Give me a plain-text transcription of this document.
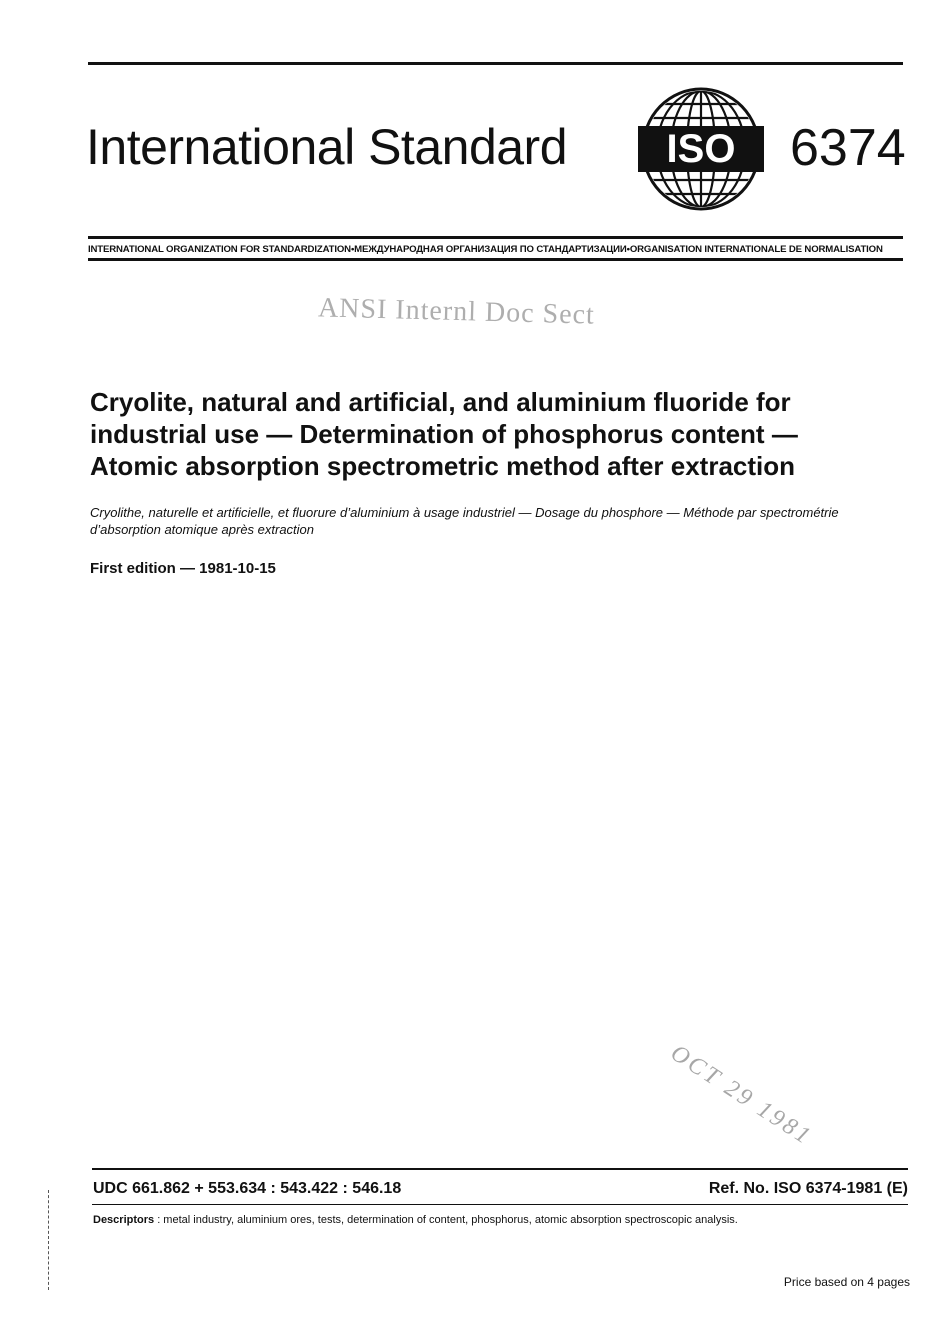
International Standard ISO 6374
INTERNATIONAL ORGANIZATION FOR STANDARDIZATION•МЕЖДУНАРОДНАЯ ОРГАНИЗАЦИЯ ПО СТАНДАРТИЗАЦИИ•ORGANISATION INTERNATIONALE DE NORMALISATION
ANSI Internl Doc Sect
Cryolite, natural and artificial, and aluminium fluoride for
industrial use — Determination of phosphorus content —
Atomic absorption spectrometric method after extraction
Cryolithe, naturelle et artificielle, et fluorure d’aluminium à usage industriel — Dosage du phosphore — Méthode par spectrométrie d’absorption atomique après extraction
First edition — 1981-10-15
OCT 29 1981
UDC 661.862 + 553.634 : 543.422 : 546.18	Ref. No. ISO 6374-1981 (E)
Descriptors : metal industry, aluminium ores, tests, determination of content, phosphorus, atomic absorption spectroscopic analysis.
Price based on 4 pages
